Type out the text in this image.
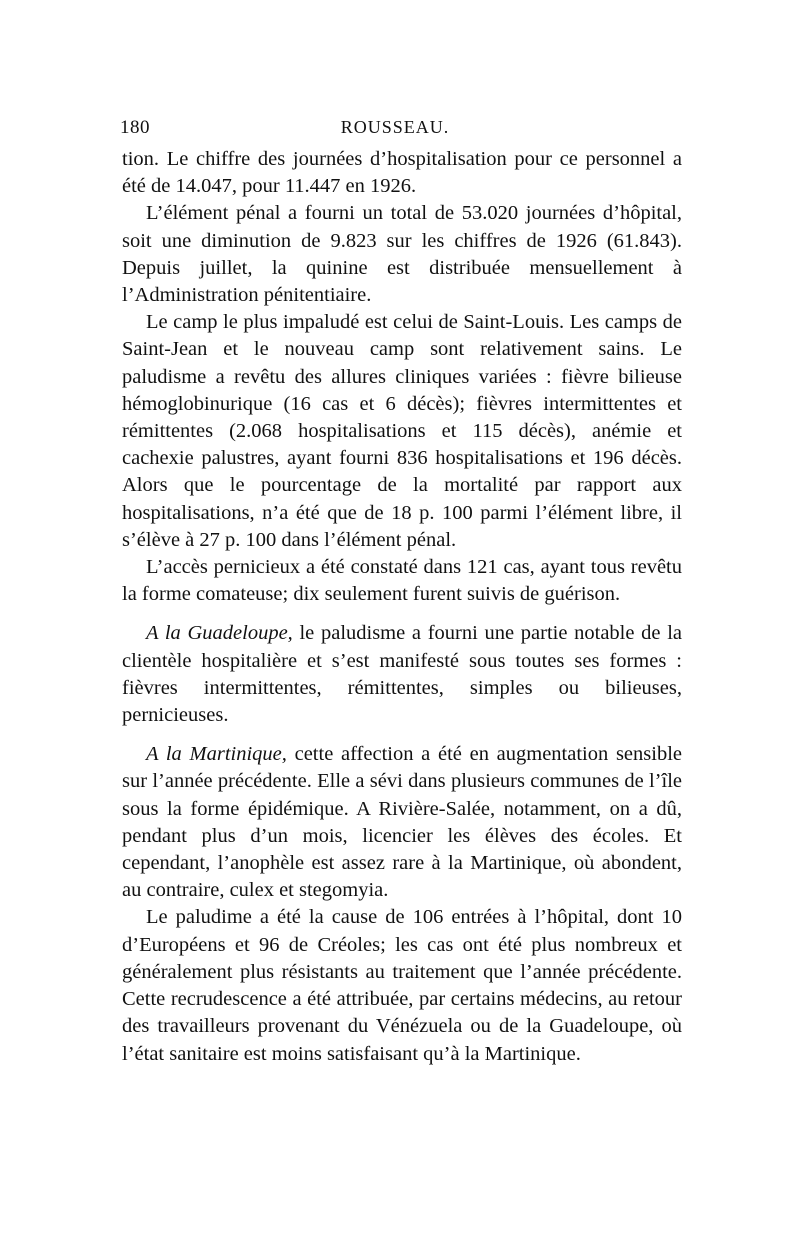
180	ROUSSEAU.

tion. Le chiffre des journées d’hospitalisation pour ce personnel a été de 14.047, pour 11.447 en 1926.

L’élément pénal a fourni un total de 53.020 journées d’hôpital, soit une diminution de 9.823 sur les chiffres de 1926 (61.843). Depuis juillet, la quinine est distribuée mensuellement à l’Administration pénitentiaire.

Le camp le plus impaludé est celui de Saint-Louis. Les camps de Saint-Jean et le nouveau camp sont relativement sains. Le paludisme a revêtu des allures cliniques variées : fièvre bilieuse hémoglobinurique (16 cas et 6 décès); fièvres intermittentes et rémittentes (2.068 hospitalisations et 115 décès), anémie et cachexie palustres, ayant fourni 836 hospitalisations et 196 décès. Alors que le pourcentage de la mortalité par rapport aux hospitalisations, n’a été que de 18 p. 100 parmi l’élément libre, il s’élève à 27 p. 100 dans l’élément pénal.

L’accès pernicieux a été constaté dans 121 cas, ayant tous revêtu la forme comateuse; dix seulement furent suivis de guérison.

A la Guadeloupe, le paludisme a fourni une partie notable de la clientèle hospitalière et s’est manifesté sous toutes ses formes : fièvres intermittentes, rémittentes, simples ou bilieuses, pernicieuses.

A la Martinique, cette affection a été en augmentation sensible sur l’année précédente. Elle a sévi dans plusieurs communes de l’île sous la forme épidémique. A Rivière-Salée, notamment, on a dû, pendant plus d’un mois, licencier les élèves des écoles. Et cependant, l’anophèle est assez rare à la Martinique, où abondent, au contraire, culex et stegomyia.

Le paludime a été la cause de 106 entrées à l’hôpital, dont 10 d’Européens et 96 de Créoles; les cas ont été plus nombreux et généralement plus résistants au traitement que l’année précédente. Cette recrudescence a été attribuée, par certains médecins, au retour des travailleurs provenant du Vénézuela ou de la Guadeloupe, où l’état sanitaire est moins satisfaisant qu’à la Martinique.
